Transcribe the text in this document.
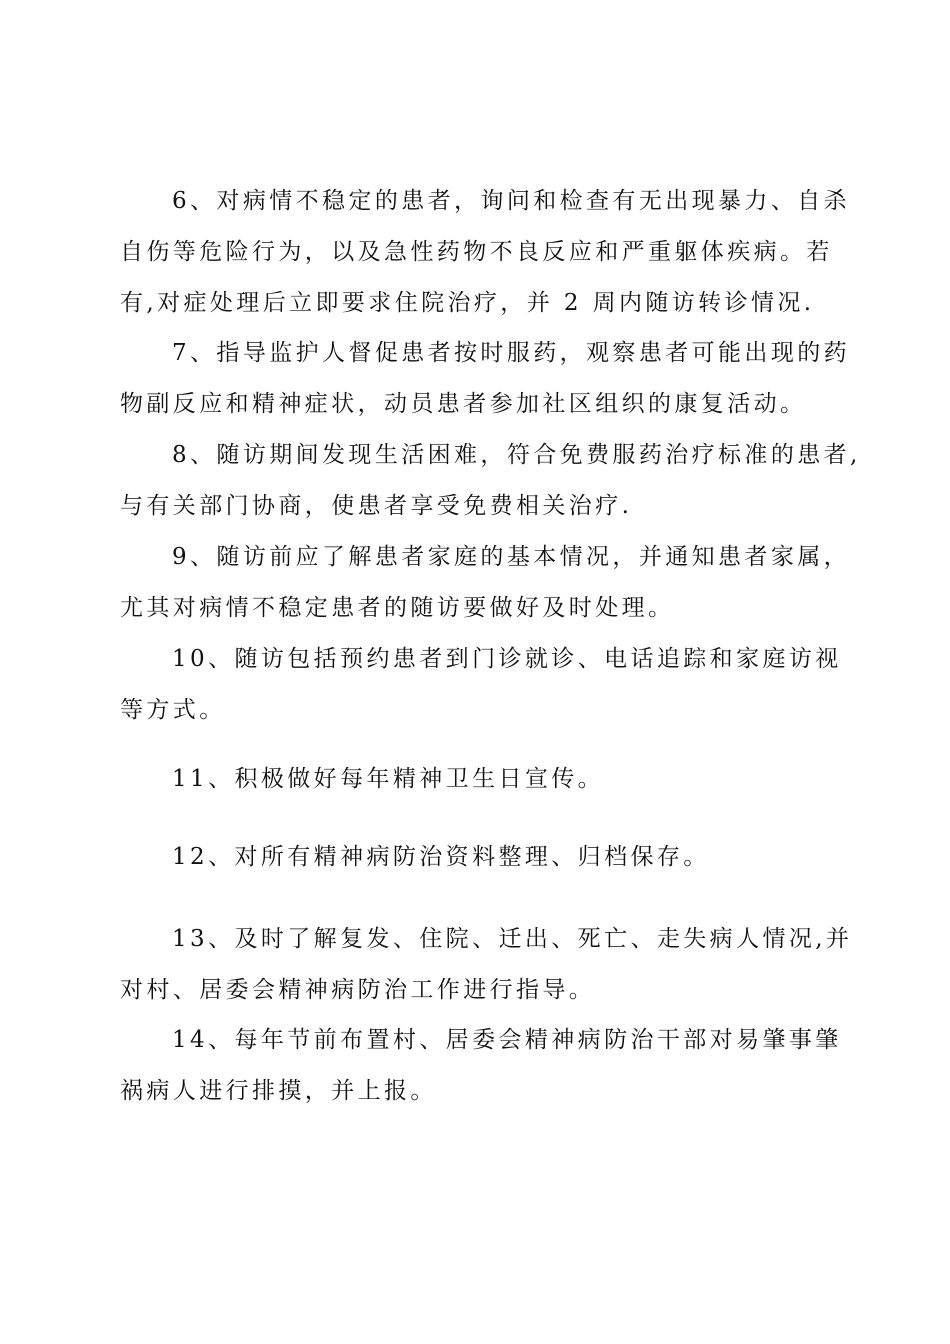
6、对病情不稳定的患者，询问和检查有无出现暴力、自杀
自伤等危险行为，以及急性药物不良反应和严重躯体疾病。若
有,对症处理后立即要求住院治疗，并 2 周内随访转诊情况.
7、指导监护人督促患者按时服药，观察患者可能出现的药
物副反应和精神症状，动员患者参加社区组织的康复活动。
8、随访期间发现生活困难，符合免费服药治疗标准的患者,
与有关部门协商，使患者享受免费相关治疗.
9、随访前应了解患者家庭的基本情况，并通知患者家属，
尤其对病情不稳定患者的随访要做好及时处理。
10、随访包括预约患者到门诊就诊、电话追踪和家庭访视
等方式。
11、积极做好每年精神卫生日宣传。
12、对所有精神病防治资料整理、归档保存。
13、及时了解复发、住院、迁出、死亡、走失病人情况,并
对村、居委会精神病防治工作进行指导。
14、每年节前布置村、居委会精神病防治干部对易肇事肇
祸病人进行排摸，并上报。
